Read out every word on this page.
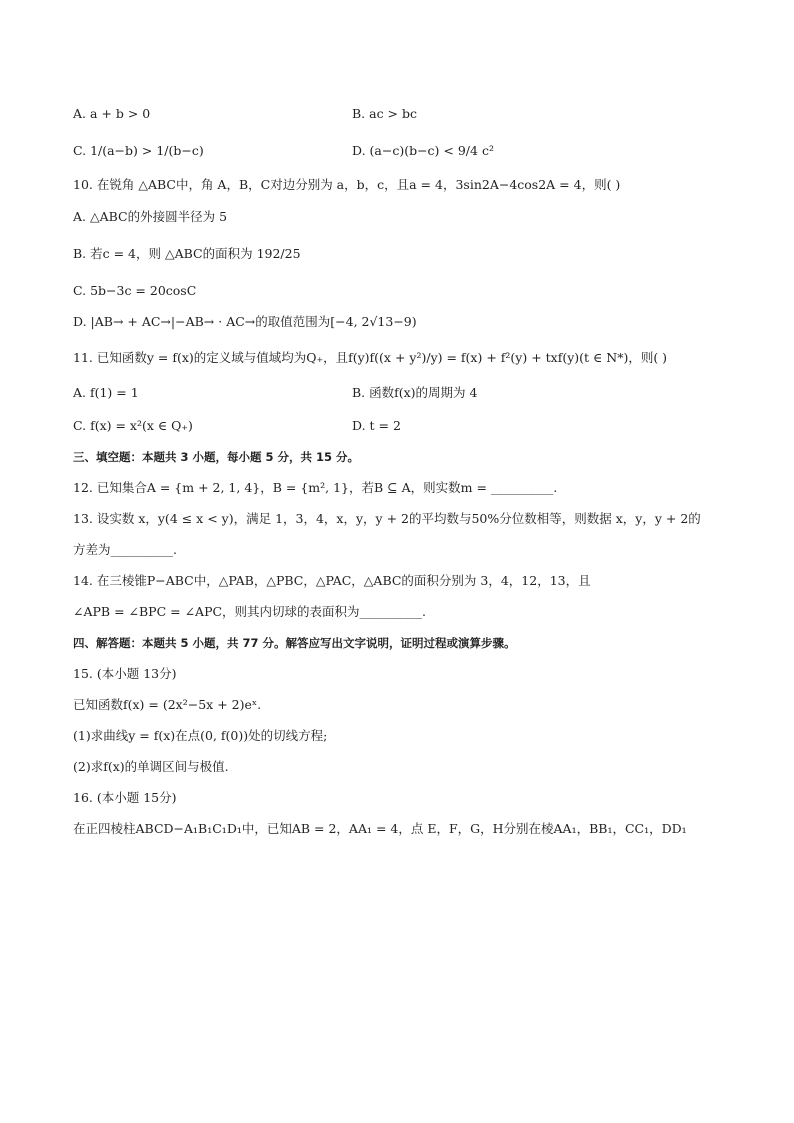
A. a + b > 0	B. ac > bc
C. 1/(a−b) > 1/(b−c)	D. (a−c)(b−c) < 9/4 c²
10. 在锐角 △ABC中，角 A，B，C对边分别为 a，b，c，且a = 4，3sin2A−4cos2A = 4，则( )
A. △ABC的外接圆半径为 5
B. 若c = 4，则 △ABC的面积为 192/25
C. 5b−3c = 20cosC
D. |AB→ + AC→|−AB→ · AC→的取值范围为[−4, 2√13−9)
11. 已知函数y = f(x)的定义域与值域均为Q₊，且f(y)f((x + y²)/y) = f(x) + f²(y) + txf(y)(t ∈ N*)，则( )
A. f(1) = 1	B. 函数f(x)的周期为 4
C. f(x) = x²(x ∈ Q₊)	D. t = 2
三、填空题：本题共 3 小题，每小题 5 分，共 15 分。
12. 已知集合A = {m + 2, 1, 4}，B = {m², 1}，若B ⊆ A，则实数m = __________.
13. 设实数 x，y(4 ≤ x < y)，满足 1，3，4，x，y，y + 2的平均数与50%分位数相等，则数据 x，y，y + 2的
方差为__________.
14. 在三棱锥P−ABC中，△PAB，△PBC，△PAC，△ABC的面积分别为 3，4，12，13，且
∠APB = ∠BPC = ∠APC，则其内切球的表面积为__________.
四、解答题：本题共 5 小题，共 77 分。解答应写出文字说明，证明过程或演算步骤。
15. (本小题 13分)
已知函数f(x) = (2x²−5x + 2)eˣ.
(1)求曲线y = f(x)在点(0, f(0))处的切线方程;
(2)求f(x)的单调区间与极值.
16. (本小题 15分)
在正四棱柱ABCD−A₁B₁C₁D₁中，已知AB = 2，AA₁ = 4，点 E，F，G，H分别在棱AA₁，BB₁，CC₁，DD₁
